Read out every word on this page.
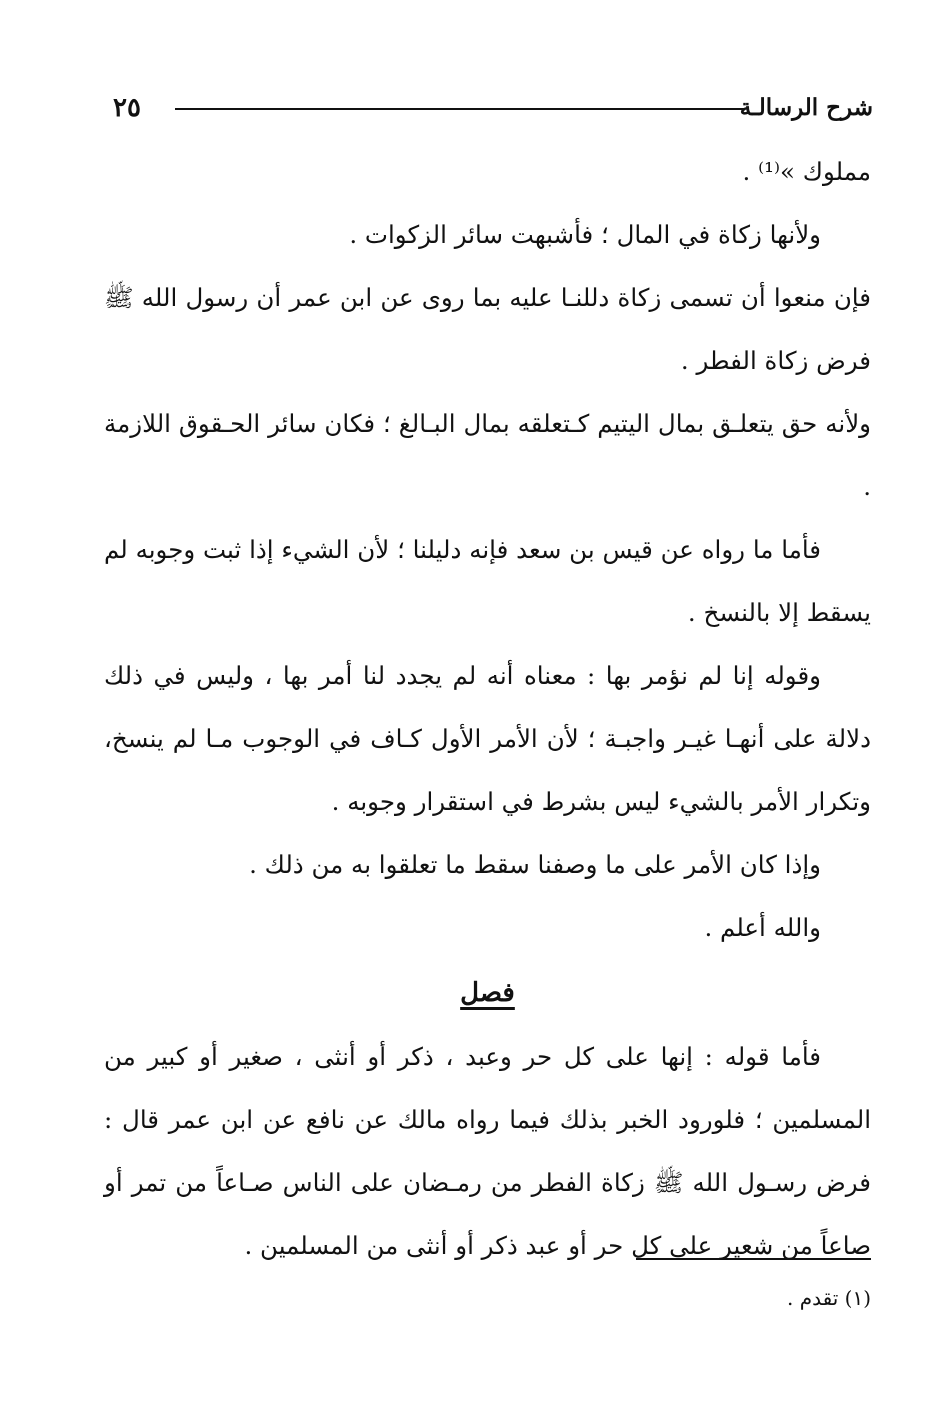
٢٥	شرح الرسالـة

مملوك »⁽¹⁾ .

ولأنها زكاة في المال ؛ فأشبهت سائر الزكوات .

فإن منعوا أن تسمى زكاة دللنـا عليه بما روى عن ابن عمر أن رسول الله ﷺ فرض زكاة الفطر .

ولأنه حق يتعلـق بمال اليتيم كـتعلقه بمال البـالغ ؛ فكان سائر الحـقوق اللازمة .

فأما ما رواه عن قيس بن سعد فإنه دليلنا ؛ لأن الشيء إذا ثبت وجوبه لم يسقط إلا بالنسخ .

وقوله إنا لم نؤمر بها : معناه أنه لم يجدد لنا أمر بها ، وليس في ذلك دلالة على أنهـا غيـر واجبـة ؛ لأن الأمر الأول كـاف في الوجوب مـا لم ينسخ، وتكرار الأمر بالشيء ليس بشرط في استقرار وجوبه .

وإذا كان الأمر على ما وصفنا سقط ما تعلقوا به من ذلك .

والله أعلم .

فصل

فأما قوله : إنها على كل حر وعبد ، ذكر أو أنثى ، صغير أو كبير من المسلمين ؛ فلورود الخبر بذلك فيما رواه مالك عن نافع عن ابن عمر قال : فرض رسـول الله ﷺ زكاة الفطر من رمـضان على الناس صـاعاً من تمر أو صاعاً من شعير على كل حر أو عبد ذكر أو أنثى من المسلمين .

(١) تقدم .
